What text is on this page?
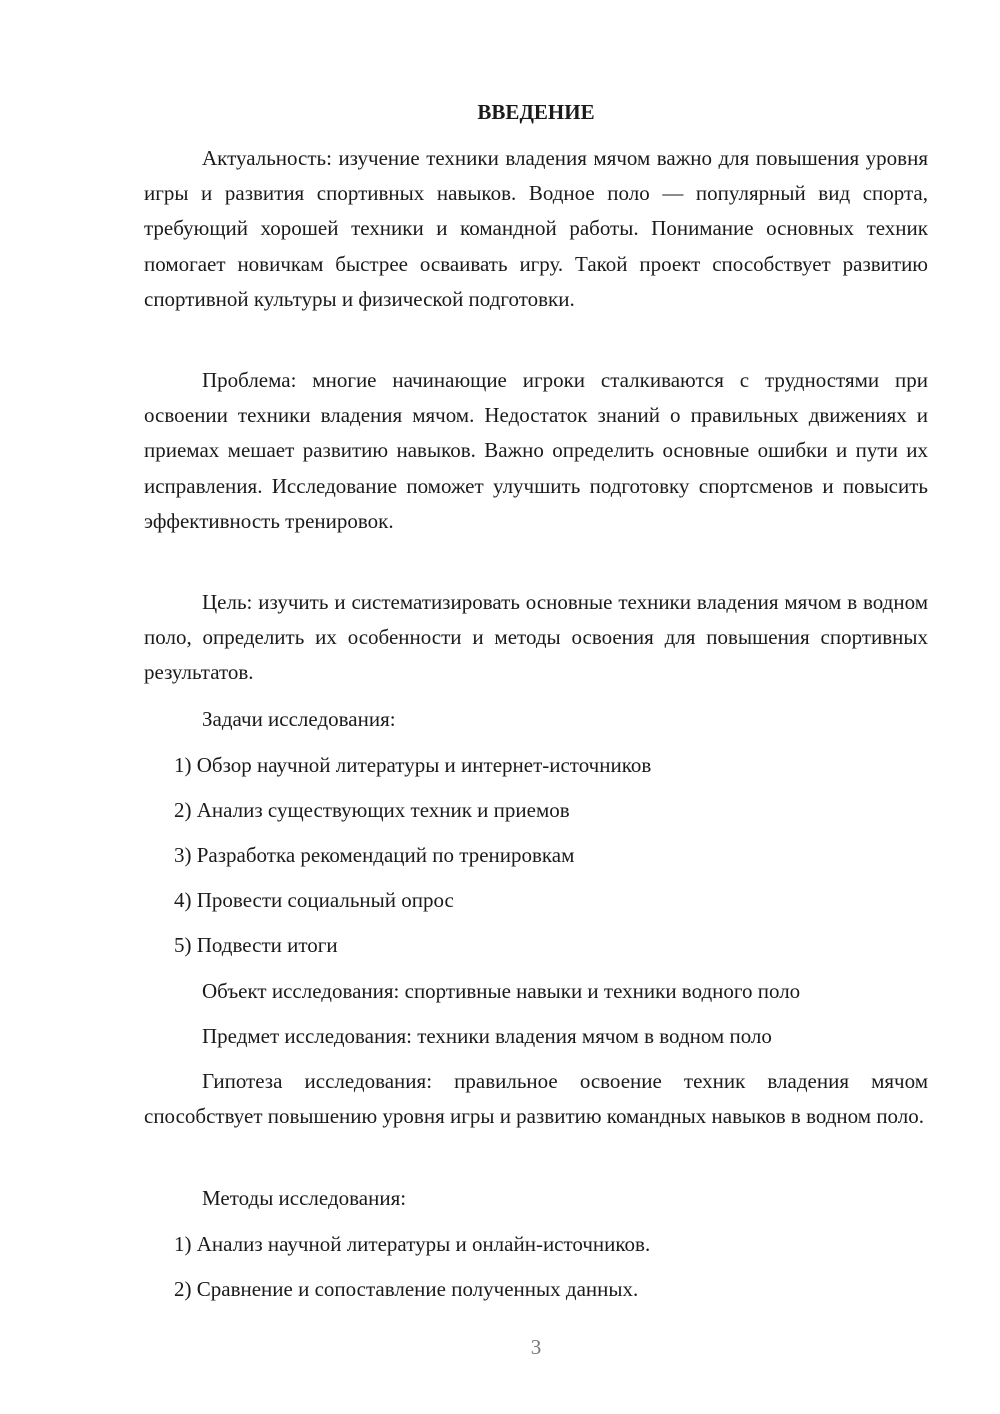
ВВЕДЕНИЕ

Актуальность: изучение техники владения мячом важно для повышения уровня игры и развития спортивных навыков. Водное поло — популярный вид спорта, требующий хорошей техники и командной работы. Понимание основных техник помогает новичкам быстрее осваивать игру. Такой проект способствует развитию спортивной культуры и физической подготовки.

Проблема: многие начинающие игроки сталкиваются с трудностями при освоении техники владения мячом. Недостаток знаний о правильных движениях и приемах мешает развитию навыков. Важно определить основные ошибки и пути их исправления. Исследование поможет улучшить подготовку спортсменов и повысить эффективность тренировок.

Цель: изучить и систематизировать основные техники владения мячом в водном поло, определить их особенности и методы освоения для повышения спортивных результатов.

Задачи исследования:

1) Обзор научной литературы и интернет-источников

2) Анализ существующих техник и приемов

3) Разработка рекомендаций по тренировкам

4) Провести социальный опрос

5) Подвести итоги

Объект исследования: спортивные навыки и техники водного поло

Предмет исследования: техники владения мячом в водном поло

Гипотеза исследования: правильное освоение техник владения мячом способствует повышению уровня игры и развитию командных навыков в водном поло.

Методы исследования:

1) Анализ научной литературы и онлайн-источников.

2) Сравнение и сопоставление полученных данных.

3
